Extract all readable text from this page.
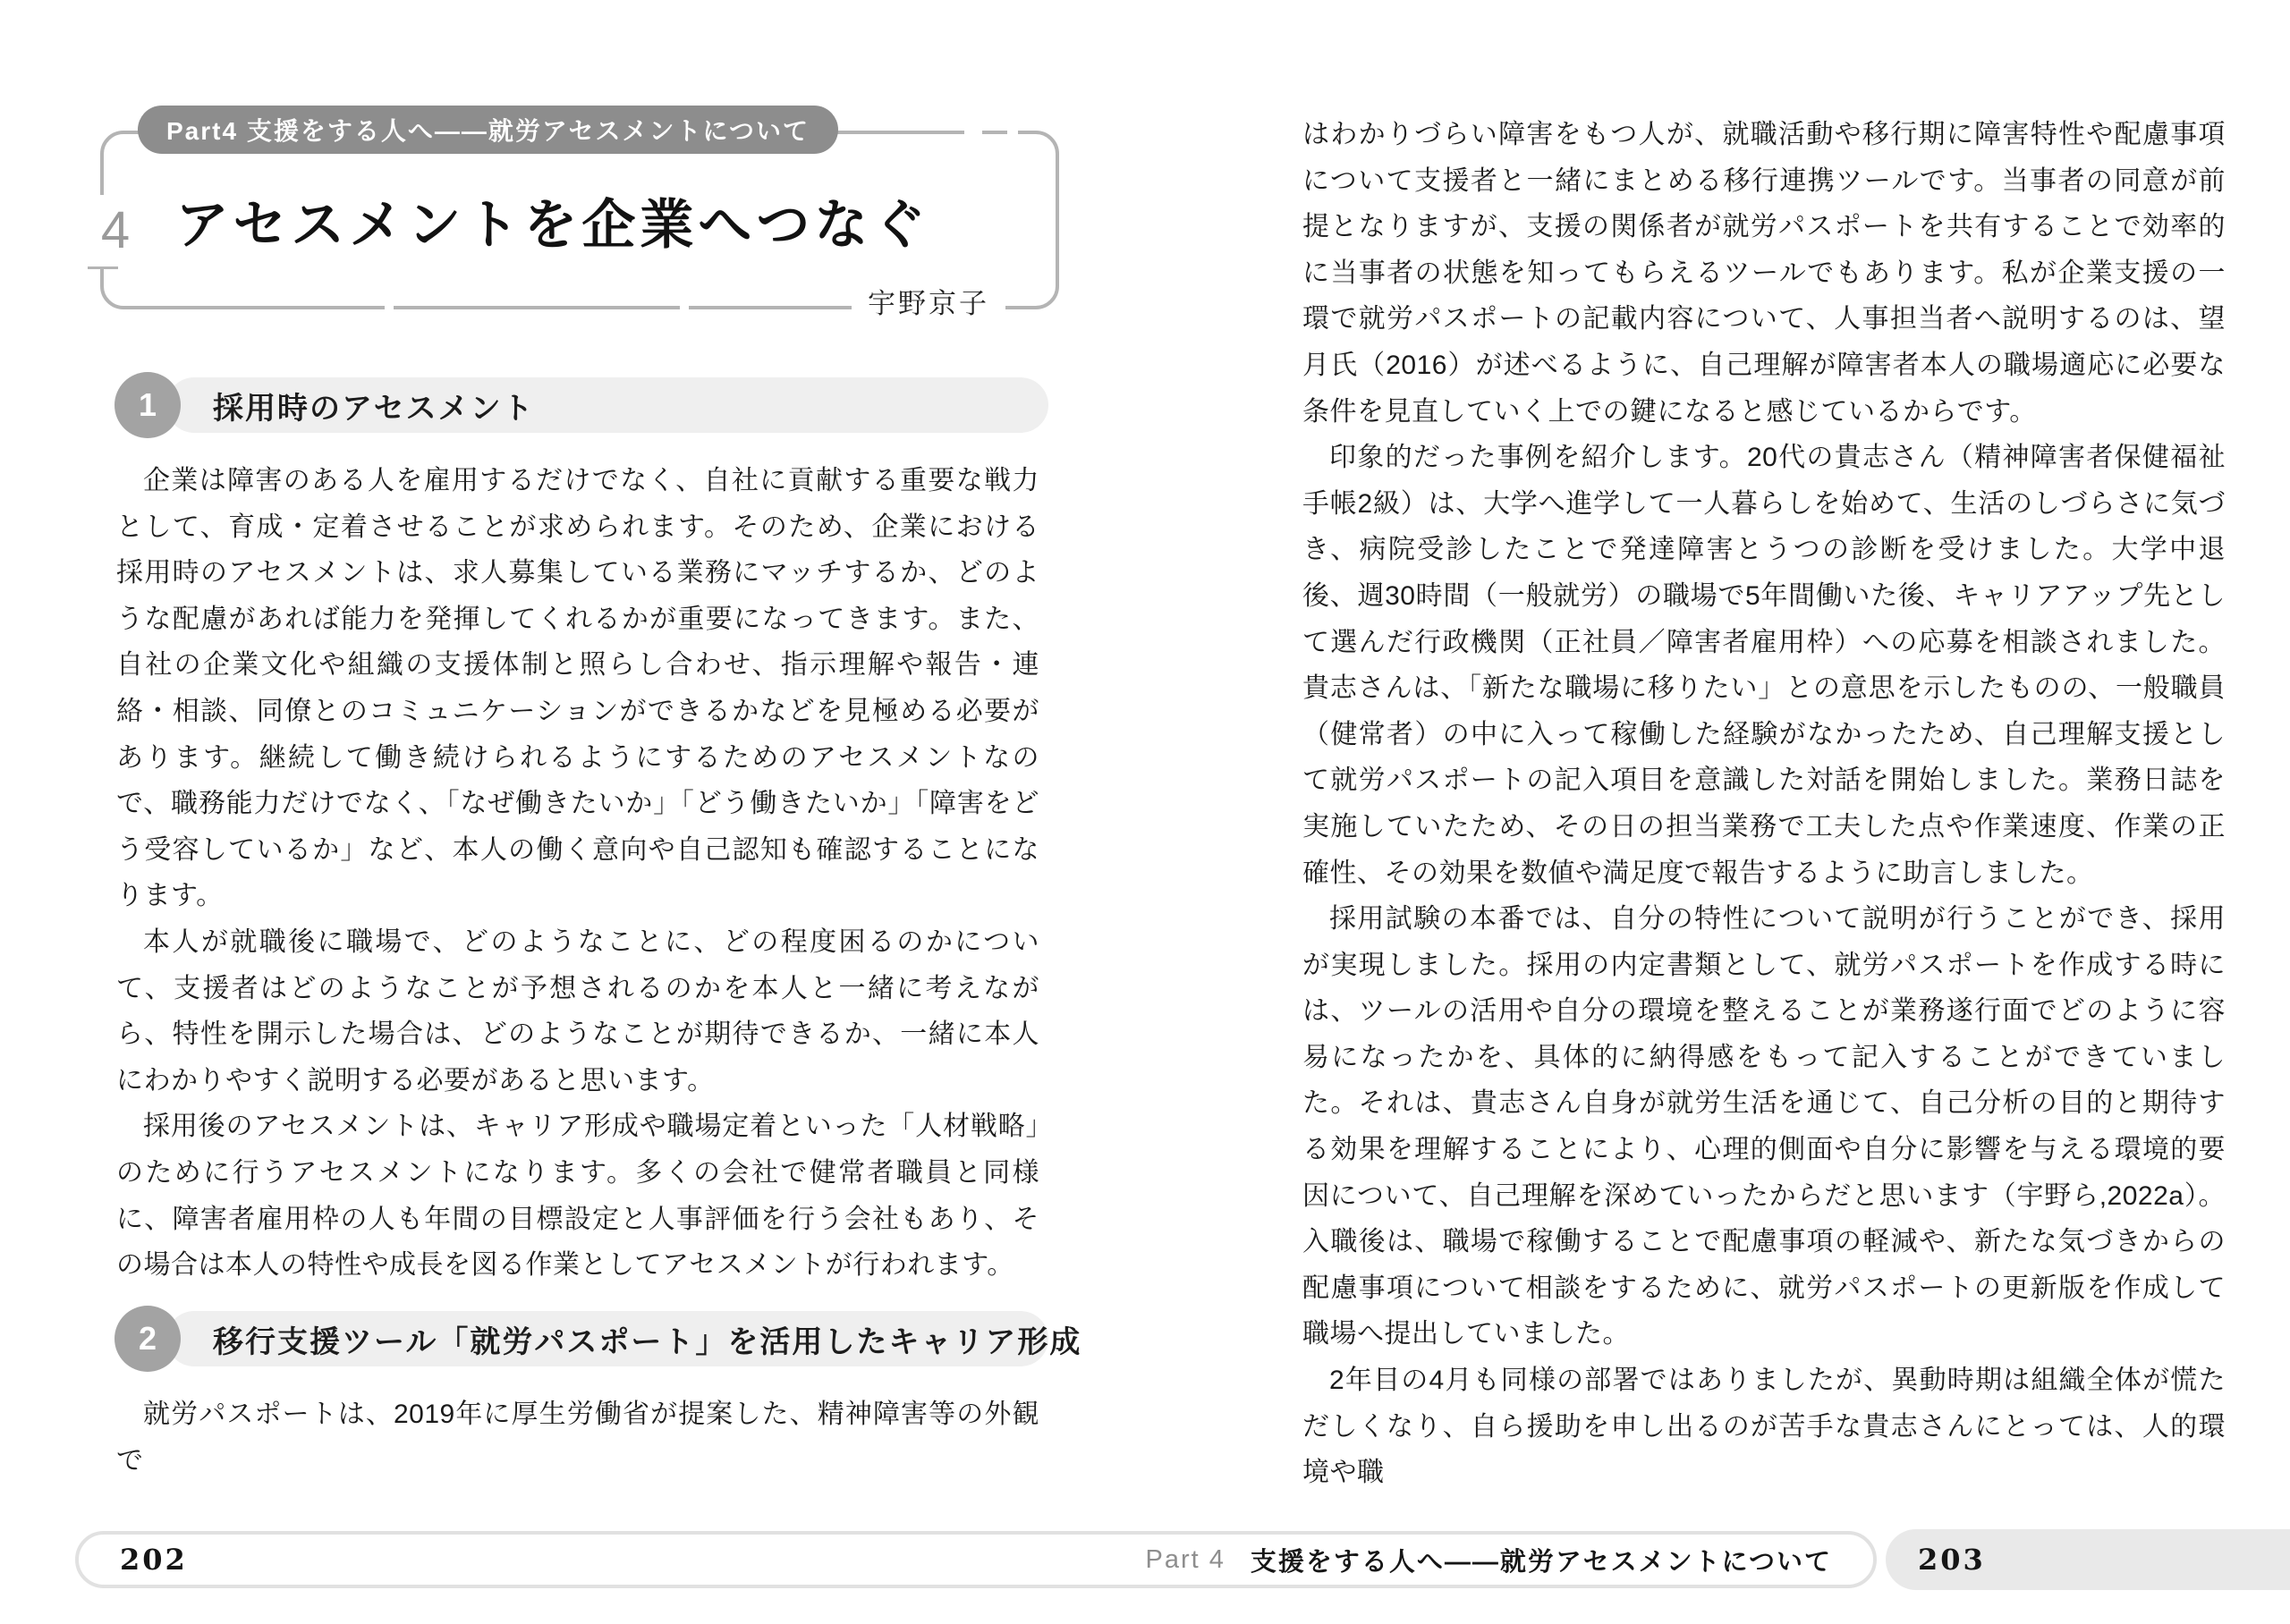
Part4 支援をする人へ——就労アセスメントについて
4 アセスメントを企業へつなぐ
宇野京子
採用時のアセスメント
1

企業は障害のある人を雇用するだけでなく、自社に貢献する重要な戦力として、育成・定着させることが求められます。そのため、企業における採用時のアセスメントは、求人募集している業務にマッチするか、どのような配慮があれば能力を発揮してくれるかが重要になってきます。また、自社の企業文化や組織の支援体制と照らし合わせ、指示理解や報告・連絡・相談、同僚とのコミュニケーションができるかなどを見極める必要があります。継続して働き続けられるようにするためのアセスメントなので、職務能力だけでなく、「なぜ働きたいか」「どう働きたいか」「障害をどう受容しているか」など、本人の働く意向や自己認知も確認することになります。

本人が就職後に職場で、どのようなことに、どの程度困るのかについて、支援者はどのようなことが予想されるのかを本人と一緒に考えながら、特性を開示した場合は、どのようなことが期待できるか、一緒に本人にわかりやすく説明する必要があると思います。

採用後のアセスメントは、キャリア形成や職場定着といった「人材戦略」のために行うアセスメントになります。多くの会社で健常者職員と同様に、障害者雇用枠の人も年間の目標設定と人事評価を行う会社もあり、その場合は本人の特性や成長を図る作業としてアセスメントが行われます。

移行支援ツール「就労パスポート」を活用したキャリア形成
2

就労パスポートは、2019年に厚生労働省が提案した、精神障害等の外観で

はわかりづらい障害をもつ人が、就職活動や移行期に障害特性や配慮事項について支援者と一緒にまとめる移行連携ツールです。当事者の同意が前提となりますが、支援の関係者が就労パスポートを共有することで効率的に当事者の状態を知ってもらえるツールでもあります。私が企業支援の一環で就労パスポートの記載内容について、人事担当者へ説明するのは、望月氏（2016）が述べるように、自己理解が障害者本人の職場適応に必要な条件を見直していく上での鍵になると感じているからです。

印象的だった事例を紹介します。20代の貴志さん（精神障害者保健福祉手帳2級）は、大学へ進学して一人暮らしを始めて、生活のしづらさに気づき、病院受診したことで発達障害とうつの診断を受けました。大学中退後、週30時間（一般就労）の職場で5年間働いた後、キャリアアップ先として選んだ行政機関（正社員／障害者雇用枠）への応募を相談されました。貴志さんは、「新たな職場に移りたい」との意思を示したものの、一般職員（健常者）の中に入って稼働した経験がなかったため、自己理解支援として就労パスポートの記入項目を意識した対話を開始しました。業務日誌を実施していたため、その日の担当業務で工夫した点や作業速度、作業の正確性、その効果を数値や満足度で報告するように助言しました。

採用試験の本番では、自分の特性について説明が行うことができ、採用が実現しました。採用の内定書類として、就労パスポートを作成する時には、ツールの活用や自分の環境を整えることが業務遂行面でどのように容易になったかを、具体的に納得感をもって記入することができていました。それは、貴志さん自身が就労生活を通じて、自己分析の目的と期待する効果を理解することにより、心理的側面や自分に影響を与える環境的要因について、自己理解を深めていったからだと思います（宇野ら,2022a）。入職後は、職場で稼働することで配慮事項の軽減や、新たな気づきからの配慮事項について相談をするために、就労パスポートの更新版を作成して職場へ提出していました。

2年目の4月も同様の部署ではありましたが、異動時期は組織全体が慌ただしくなり、自ら援助を申し出るのが苦手な貴志さんにとっては、人的環境や職

202	Part 4 支援をする人へ——就労アセスメントについて	203
